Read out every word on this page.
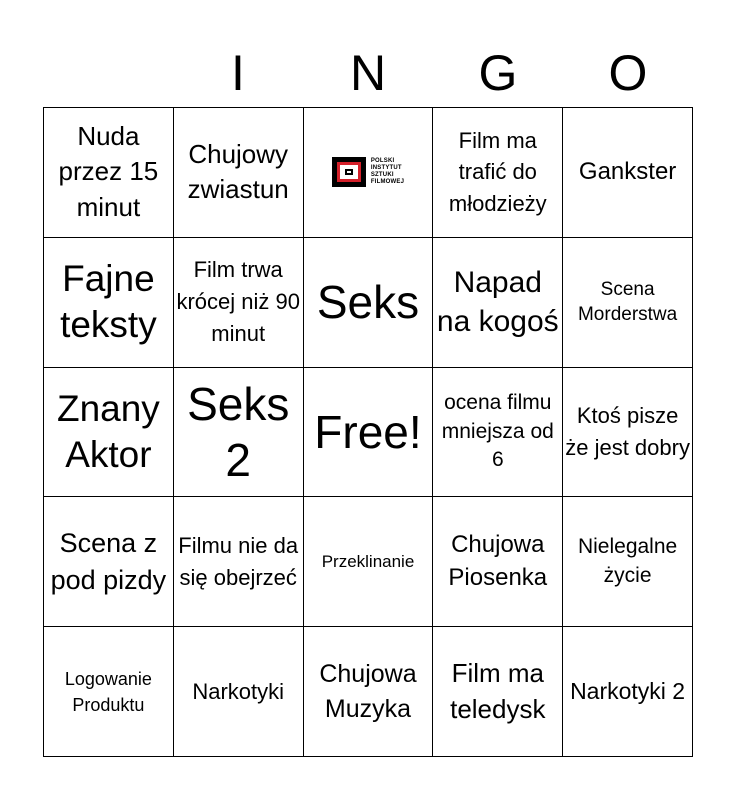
I	N	G	O
Nuda przez 15 minut
Chujowy zwiastun
POLSKI
INSTYTUT
SZTUKI
FILMOWEJ
Film ma trafić do młodzieży
Gankster
Fajne teksty
Film trwa krócej niż 90 minut
Seks	Napad na kogoś
Scena Morderstwa
Znany Aktor
Seks 2
Free!
ocena filmu mniejsza od 6
Ktoś pisze że jest dobry
Scena z pod pizdy
Filmu nie da się obejrzeć
Przeklinanie
Chujowa Piosenka
Nielegalne życie
Logowanie Produktu
Narkotyki
Chujowa Muzyka
Film ma teledysk
Narkotyki 2
